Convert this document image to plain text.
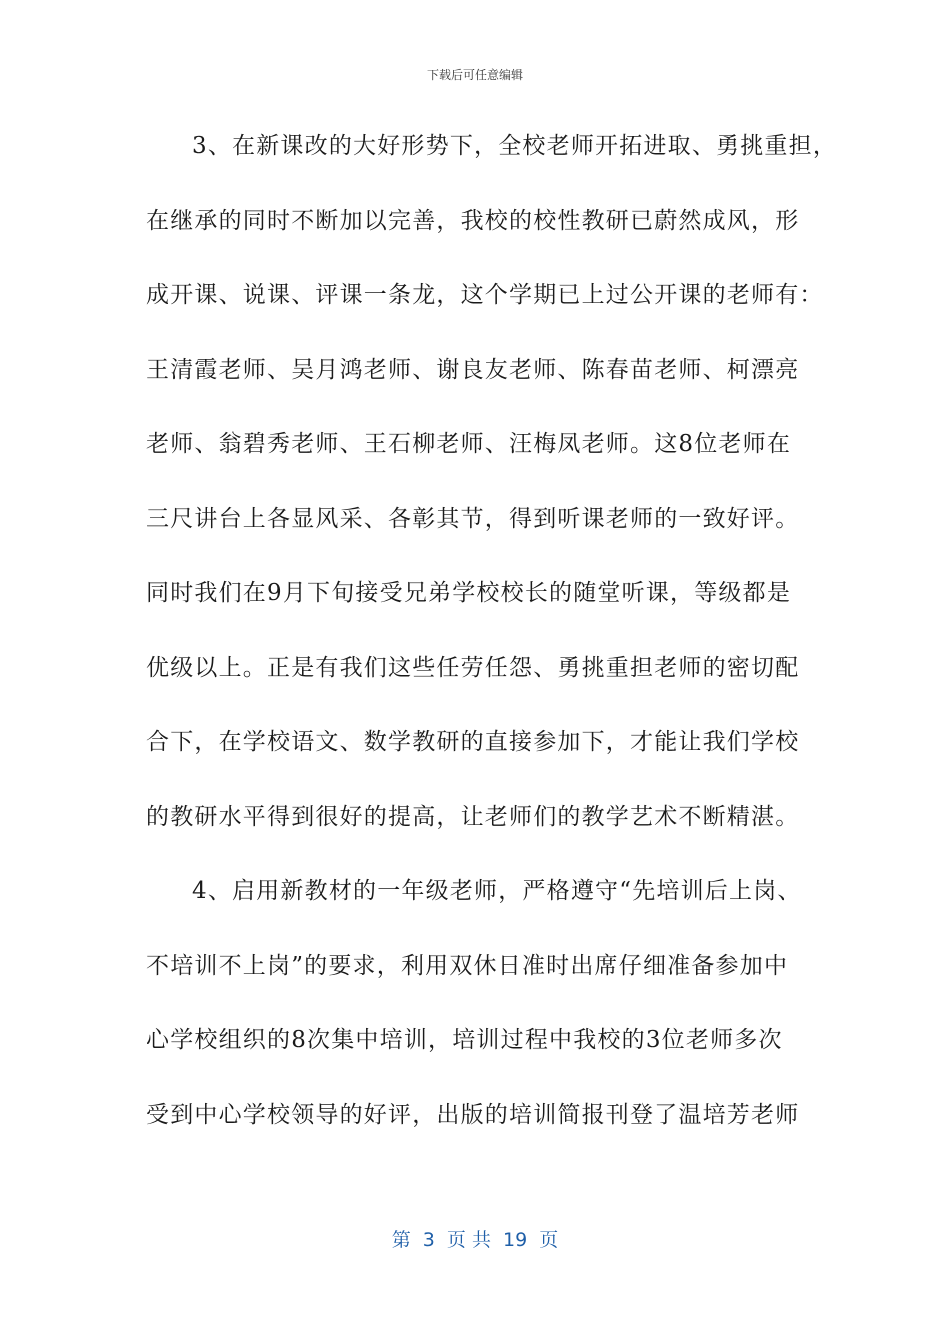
下载后可任意编辑
3、在新课改的大好形势下，全校老师开拓进取、勇挑重担，
在继承的同时不断加以完善，我校的校性教研已蔚然成风，形
成开课、说课、评课一条龙，这个学期已上过公开课的老师有：
王清霞老师、吴月鸿老师、谢良友老师、陈春苗老师、柯漂亮
老师、翁碧秀老师、王石柳老师、汪梅凤老师。这8位老师在
三尺讲台上各显风采、各彰其节，得到听课老师的一致好评。
同时我们在9月下旬接受兄弟学校校长的随堂听课，等级都是
优级以上。正是有我们这些任劳任怨、勇挑重担老师的密切配
合下，在学校语文、数学教研的直接参加下，才能让我们学校
的教研水平得到很好的提高，让老师们的教学艺术不断精湛。
4、启用新教材的一年级老师，严格遵守“先培训后上岗、
不培训不上岗”的要求，利用双休日准时出席仔细准备参加中
心学校组织的8次集中培训，培训过程中我校的3位老师多次
受到中心学校领导的好评，出版的培训简报刊登了温培芳老师
第  3  页 共  19  页
